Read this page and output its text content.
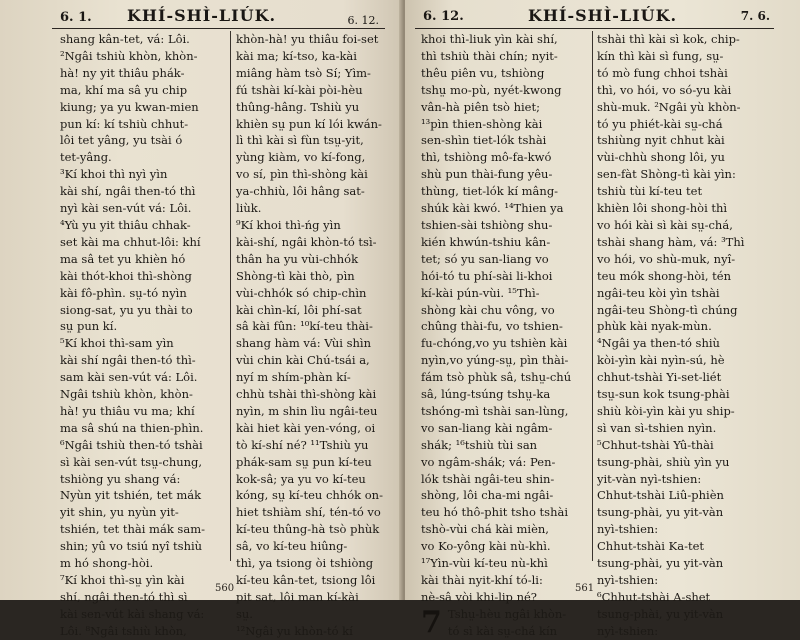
6. 1.	KHÍ-SHÌ-LIÚK.	6. 12.
shang kân-tet, vá: Lôi.
²Ngâi tshiù khòn, khòn-
hà! ny yit thiâu phák-
ma, khí ma sâ yu chip
kiung; ya yu kwan-mien
pun kí: kí tshiù chhut-
lôi tet yâng, yu tsài ó
tet-yâng.
³Kí khoi thì nyì yìn
kài shí, ngâi then-tó thì
nyì kài sen-vút vá: Lôi.
⁴Yù yu yit thiâu chhak-
set kài ma chhut-lôi: khí
ma sâ tet yu khièn hó
kài thót-khoi thì-shòng
kài fô-phìn. sṳ-tó nyìn
siong-sat, yu yu thài to
sṳ pun kí.
⁵Kí khoi thì-sam yìn
kài shí ngâi then-tó thì-
sam kài sen-vút vá: Lôi.
Ngâi tshiù khòn, khòn-
hà! yu thiâu vu ma; khí
ma sâ shú na thien-phìn.
⁶Ngâi tshiù then-tó tshài
sì kài sen-vút tsṳ-chung,
tshiòng yu shang vá:
Nyùn yit tshién, tet mák
yit shin, yu nyùn yit-
tshién, tet thài mák sam-
shin; yû vo tsiú nyî tshiù
m hó shong-hòi.
⁷Kí khoi thì-sṳ yìn kài
shí, ngâi then-tó thì sì
kài sen-vút kài shang vá:
Lôi. ⁸Ngâi tshiù khòn,
khòn-hà! yu thiâu foi-set
kài ma; kí-tso, ka-kài
miâng hàm tsò Sí; Yìm-
fú tshài kí-kài pòi-hèu
thûng-hâng. Tshiù yu
khièn sṳ pun kí lói kwán-
lì thì kài sì fùn tsṳ-yit,
yùng kiàm, vo kí-fong,
vo sí, pìn thì-shòng kài
ya-chhiù, lôi hâng sat-
liùk.
⁹Kí khoi thì-ńg yìn
kài-shí, ngâi khòn-tó tsì-
thân ha yu vùi-chhók
Shòng-tì kài thò, pìn
vùi-chhók só chip-chìn
kài chìn-kí, lôi phí-sat
sâ kài fûn: ¹⁰kí-teu thài-
shang hàm vá: Vùi shìn
vùi chin kài Chú-tsái a,
nyí m shím-phàn kí-
chhù tshài thì-shòng kài
nyìn, m shin lìu ngâi-teu
kài hiet kài yen-vóng, oi
tò kí-shí né? ¹¹Tshiù yu
phák-sam sṳ pun kí-teu
kok-sâ; ya yu vo kí-teu
kóng, sṳ kí-teu chhók on-
hiet tshiàm shí, tén-tó vo
kí-teu thûng-hà tsò phùk
sâ, vo kí-teu hiûng-
thì, ya tsiong òi tshiòng
kí-teu kân-tet, tsiong lôi
pit sat, lôi man kí-kài
sṳ.
¹²Ngâi yu khòn-tó kí
560
6. 12.	KHÍ-SHÌ-LIÚK.	7. 6.
khoi thì-liuk yìn kài shí,
thì tshiù thài chín; nyit-
thêu piên vu, tshiòng
tshṳ mo-pù, nyét-kwong
vân-hà piên tsò hiet;
¹³pìn thien-shòng kài
sen-shìn tiet-lók tshài
thì, tshiòng mô-fa-kwó
shù pun thài-fung yêu-
thùng, tiet-lók kí mâng-
shúk kài kwó. ¹⁴Thien ya
tshien-sài tshiòng shu-
kién khwún-tshiu kân-
tet; só yu san-liang vo
hói-tó tu phí-sài li-khoi
kí-kài pún-vùi. ¹⁵Thì-
shòng kài chu vông, vo
chûng thài-fu, vo tshien-
fu-chóng,vo yu tshièn kài
nyìn,vo yúng-sṳ, pìn thài-
fám tsò phùk sâ, tshṳ-chú
sâ, lúng-tsúng tshṳ-ka
tshóng-mì tshài san-lùng,
vo san-liang kài ngâm-
shák; ¹⁶tshiù tùi san
vo ngâm-shák; vá: Pen-
lók tshài ngâi-teu shin-
shòng, lôi cha-mi ngâi-
teu hó thô-phit tsho tshài
tshò-vùi chá kài mièn,
vo Ko-yông kài nù-khì.
¹⁷Yìn-vùi kí-teu nù-khì
kài thài nyit-khí tó-li:
nè-sâ vòi khi-lip né?
7 Tshṳ-hèu ngâi khòn-
tó sì kài sṳ-chá kín
tshài thì kài sì kok, chip-
kín thì kài sì fung, sṳ-
tó mò fung chhoi tshài
thì, vo hói, vo só-yu kài
shù-muk. ²Ngâi yù khòn-
tó yu phiét-kài sṳ-chá
tshiùng nyit chhut kài
vùi-chhù shong lôi, yu
sen-fàt Shòng-tì kài yìn:
tshiù tùi kí-teu tet
khièn lôi shong-hòi thì
vo hói kài sì kài sṳ-chá,
tshài shang hàm, vá: ³Thì
vo hói, vo shù-muk, nyî-
teu mók shong-hòi, tén
ngâi-teu kòi yìn tshài
ngâi-teu Shòng-tì chúng
phùk kài nyak-mùn.
⁴Ngâi ya then-tó shiù
kòi-yìn kài nyìn-sú, hè
chhut-tshài Yi-set-liét
tsṳ-sun kok tsung-phài
shiù kòi-yìn kài yu ship-
sì van sì-tshien nyìn.
⁵Chhut-tshài Yû-thài
tsung-phài, shiù yìn yu
yit-vàn nyì-tshien:
Chhut-tshài Liû-phièn
tsung-phài, yu yit-vàn
nyì-tshien:
Chhut-tshài Ka-tet
tsung-phài, yu yit-vàn
nyì-tshien:
⁶Chhut-tshài A-shet
tsung-phài, yu yit-vàn
nyì-tshien:
561
